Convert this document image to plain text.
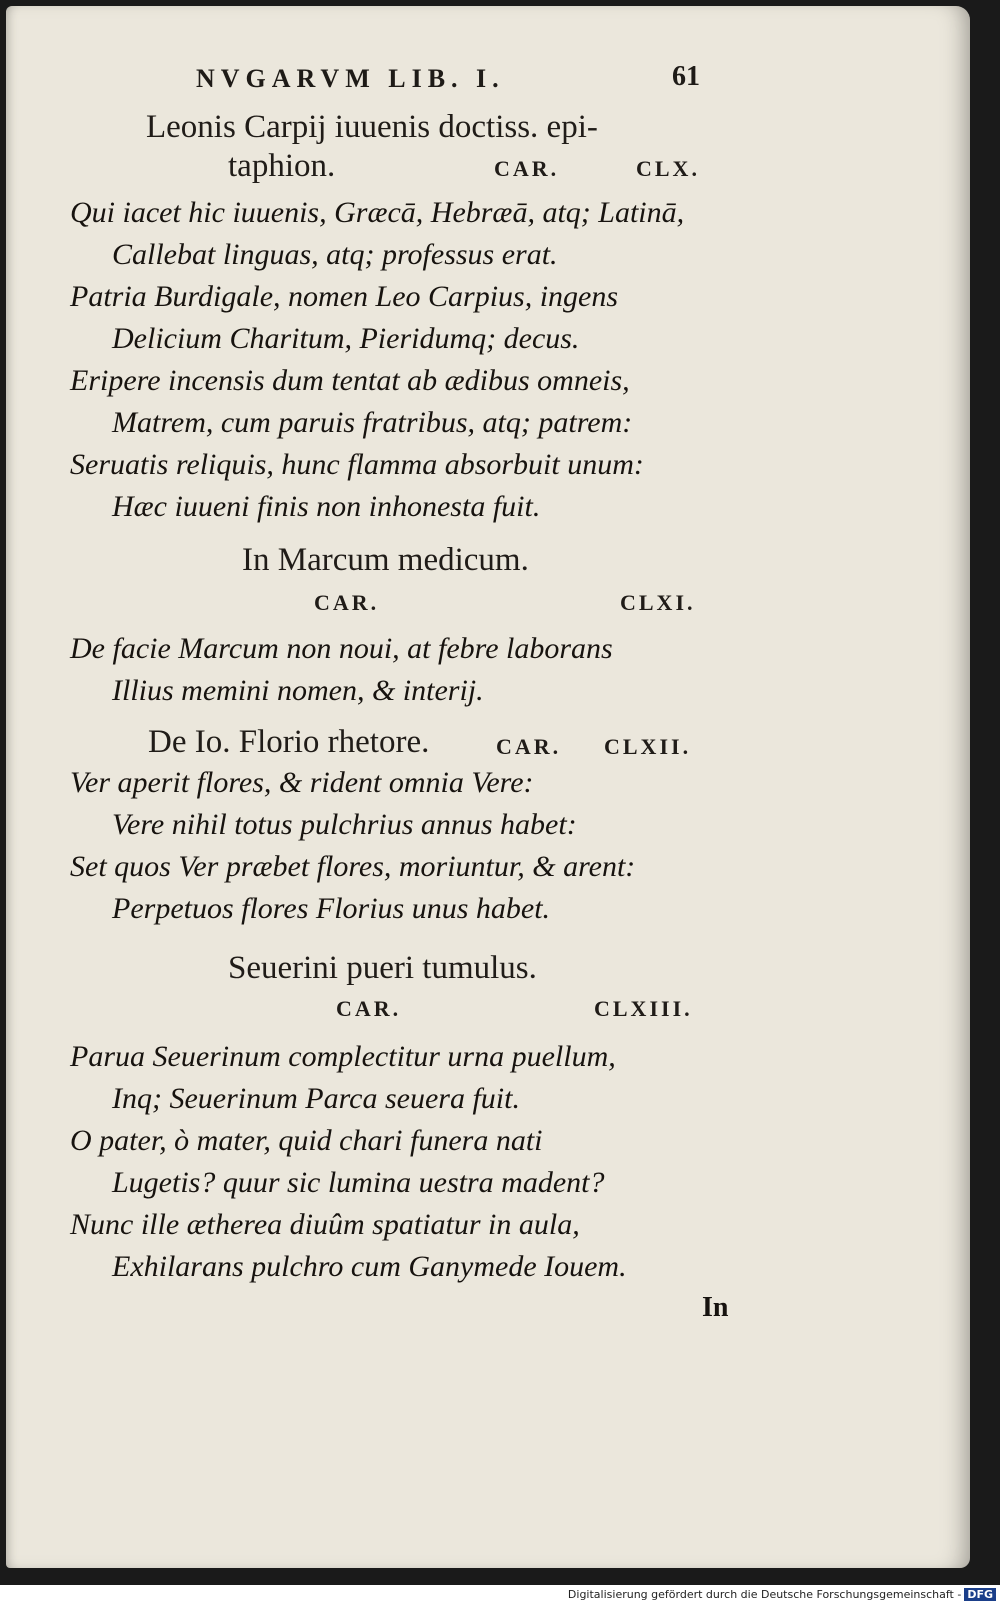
NVGARVM LIB. I.	61
Leonis Carpij iuuenis doctiss. epi-
taphion.	CAR.	CLX.
Qui iacet hic iuuenis, Græcā, Hebræā, atq; Latinā,
Callebat linguas, atq; professus erat.
Patria Burdigale, nomen Leo Carpius, ingens
Delicium Charitum, Pieridumq; decus.
Eripere incensis dum tentat ab ædibus omneis,
Matrem, cum paruis fratribus, atq; patrem:
Seruatis reliquis, hunc flamma absorbuit unum:
Hæc iuueni finis non inhonesta fuit.
In Marcum medicum.
CAR.	CLXI.
De facie Marcum non noui, at febre laborans
Illius memini nomen, & interij.
De Io. Florio rhetore.	CAR. CLXII.
Ver aperit flores, & rident omnia Vere:
Vere nihil totus pulchrius annus habet:
Set quos Ver præbet flores, moriuntur, & arent:
Perpetuos flores Florius unus habet.
Seuerini pueri tumulus.
CAR.	CLXIII.
Parua Seuerinum complectitur urna puellum,
Inq; Seuerinum Parca seuera fuit.
O pater, ò mater, quid chari funera nati
Lugetis? quur sic lumina uestra madent?
Nunc ille ætherea diuûm spatiatur in aula,
Exhilarans pulchro cum Ganymede Iouem.
In
Digitalisierung gefördert durch die Deutsche Forschungsgemeinschaft - DFG
